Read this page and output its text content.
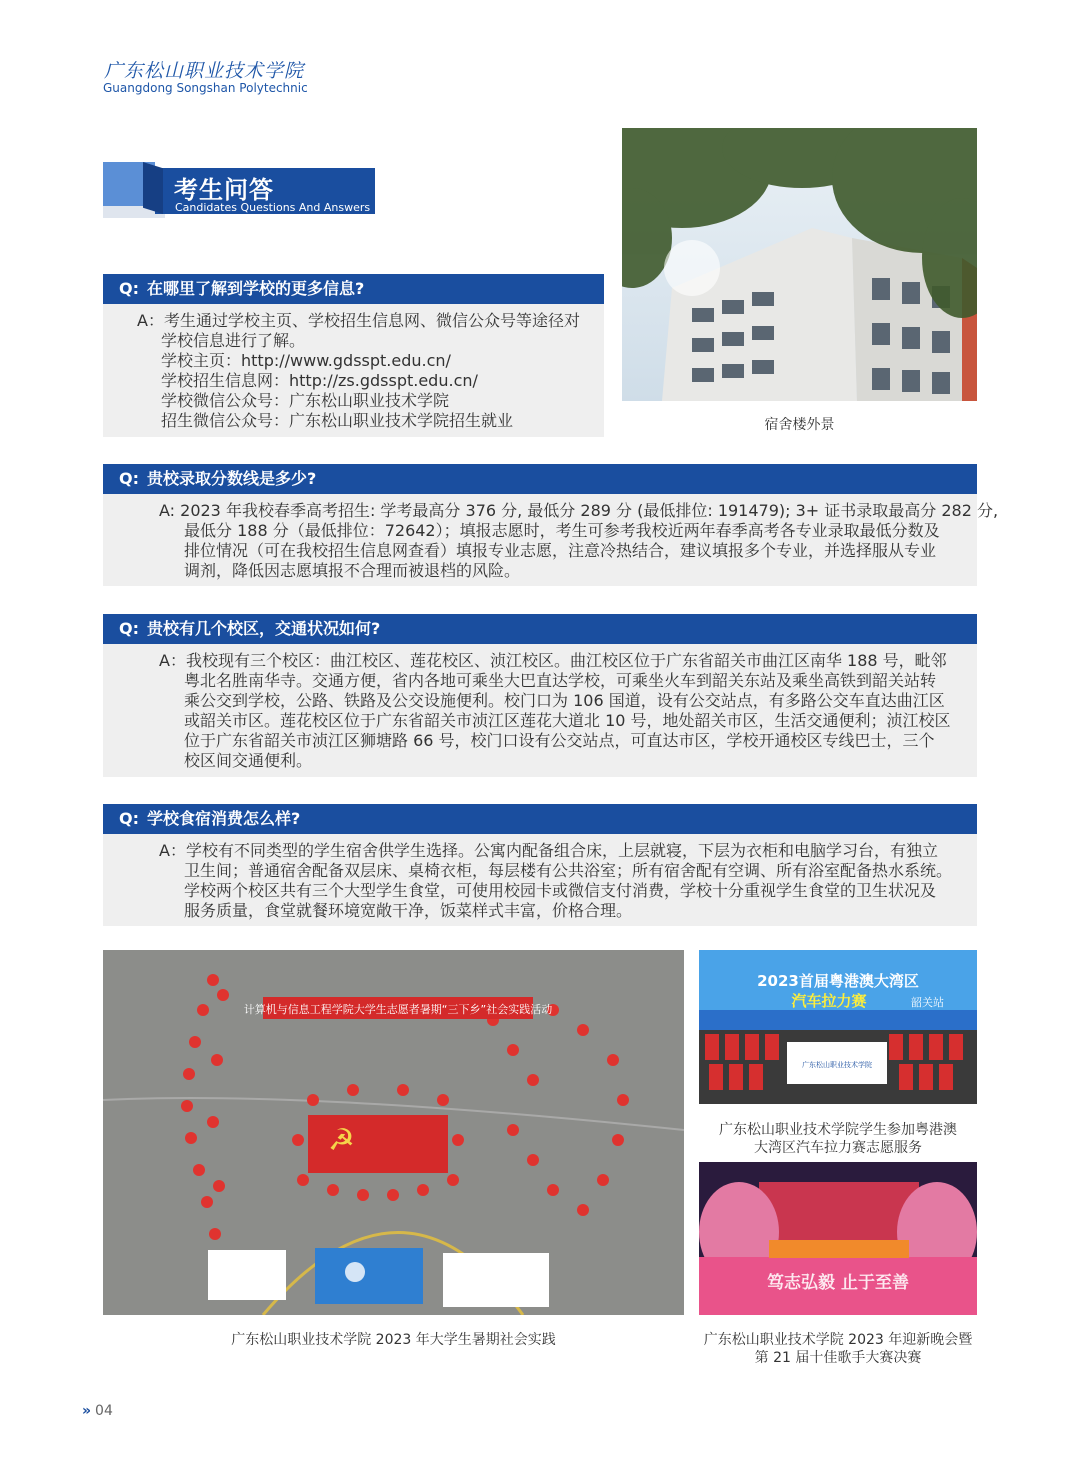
广东松山职业技术学院
Guangdong Songshan Polytechnic
考生问答
Candidates Questions And Answers
宿舍楼外景
Q: 在哪里了解到学校的更多信息?
A：考生通过学校主页、学校招生信息网、微信公众号等途径对
学校信息进行了解。
学校主页：http://www.gdsspt.edu.cn/
学校招生信息网：http://zs.gdsspt.edu.cn/
学校微信公众号：广东松山职业技术学院
招生微信公众号：广东松山职业技术学院招生就业
Q: 贵校录取分数线是多少?
A: 2023 年我校春季高考招生: 学考最高分 376 分, 最低分 289 分 (最低排位: 191479); 3+ 证书录取最高分 282 分,
最低分 188 分（最低排位：72642）；填报志愿时，考生可参考我校近两年春季高考各专业录取最低分数及
排位情况（可在我校招生信息网查看）填报专业志愿，注意冷热结合，建议填报多个专业，并选择服从专业
调剂，降低因志愿填报不合理而被退档的风险。
Q: 贵校有几个校区，交通状况如何?
A：我校现有三个校区：曲江校区、莲花校区、浈江校区。曲江校区位于广东省韶关市曲江区南华 188 号，毗邻
粤北名胜南华寺。交通方便，省内各地可乘坐大巴直达学校，可乘坐火车到韶关东站及乘坐高铁到韶关站转
乘公交到学校，公路、铁路及公交设施便利。校门口为 106 国道，设有公交站点，有多路公交车直达曲江区
或韶关市区。莲花校区位于广东省韶关市浈江区莲花大道北 10 号，地处韶关市区，生活交通便利；浈江校区
位于广东省韶关市浈江区狮塘路 66 号，校门口设有公交站点，可直达市区，学校开通校区专线巴士，三个
校区间交通便利。
Q: 学校食宿消费怎么样?
A：学校有不同类型的学生宿舍供学生选择。公寓内配备组合床，上层就寝，下层为衣柜和电脑学习台，有独立
卫生间；普通宿舍配备双层床、桌椅衣柜，每层楼有公共浴室；所有宿舍配有空调、所有浴室配备热水系统。
学校两个校区共有三个大型学生食堂，可使用校园卡或微信支付消费，学校十分重视学生食堂的卫生状况及
服务质量，食堂就餐环境宽敞干净，饭菜样式丰富，价格合理。
☭
计算机与信息工程学院大学生志愿者暑期“三下乡”社会实践活动
广东松山职业技术学院 2023 年大学生暑期社会实践
2023首届粤港澳大湾区
汽车拉力赛	韶关站
广东松山职业技术学院
广东松山职业技术学院学生参加粤港澳
大湾区汽车拉力赛志愿服务
笃志弘毅 止于至善
广东松山职业技术学院 2023 年迎新晚会暨
第 21 届十佳歌手大赛决赛
» 04
